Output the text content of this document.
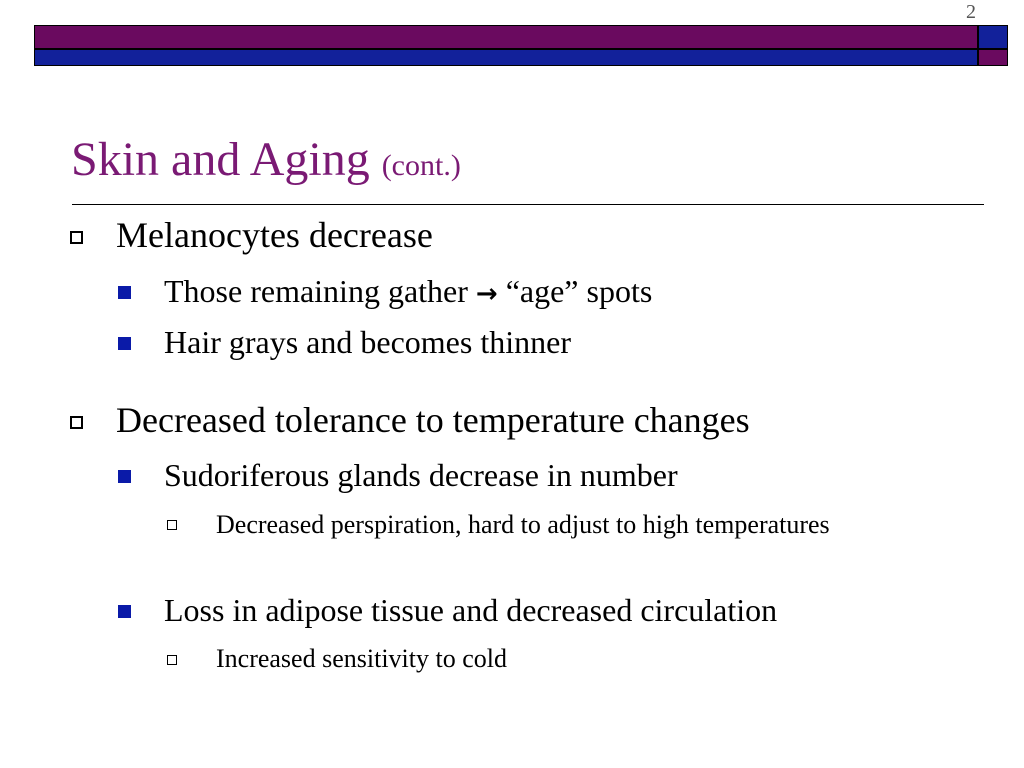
2
Skin and Aging (cont.)
Melanocytes decrease
Those remaining gather → “age” spots
Hair grays and becomes thinner
Decreased tolerance to temperature changes
Sudoriferous glands decrease in number
Decreased perspiration, hard to adjust to high temperatures
Loss in adipose tissue and decreased circulation
Increased sensitivity to cold
